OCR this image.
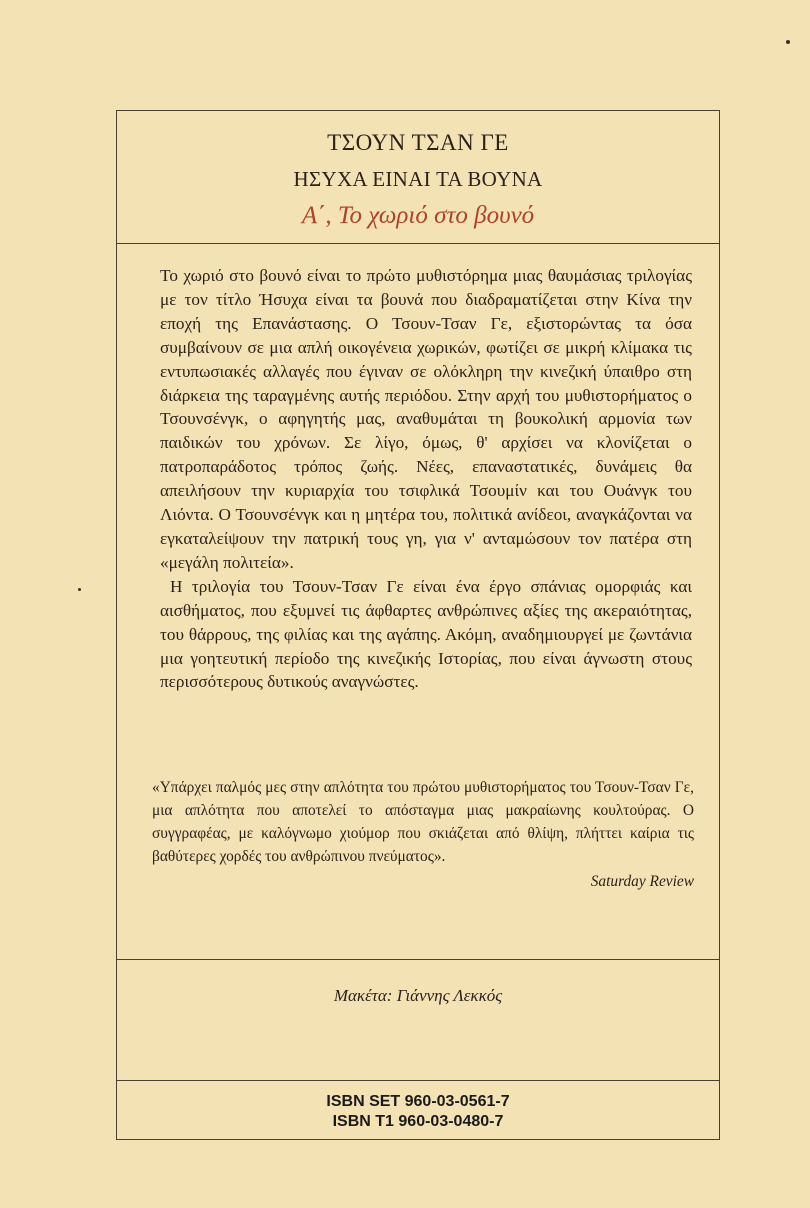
ΤΣΟΥΝ ΤΣΑΝ ΓΕ
ΗΣΥΧΑ ΕΙΝΑΙ ΤΑ ΒΟΥΝΑ
Α΄, Το χωριό στο βουνό

Το χωριό στο βουνό είναι το πρώτο μυθιστόρημα μιας θαυμάσιας τριλογίας με τον τίτλο Ήσυχα είναι τα βουνά που διαδραματίζεται στην Κίνα την εποχή της Επανάστασης. Ο Τσουν-Τσαν Γε, εξιστορώντας τα όσα συμβαίνουν σε μια απλή οικογένεια χωρικών, φωτίζει σε μικρή κλίμακα τις εντυπωσιακές αλλαγές που έγιναν σε ολόκληρη την κινεζική ύπαιθρο στη διάρκεια της ταραγμένης αυτής περιόδου. Στην αρχή του μυθιστορήματος ο Τσουνσένγκ, ο αφηγητής μας, αναθυμάται τη βουκολική αρμονία των παιδικών του χρόνων. Σε λίγο, όμως, θ' αρχίσει να κλονίζεται ο πατροπαράδοτος τρόπος ζωής. Νέες, επαναστατικές, δυνάμεις θα απειλήσουν την κυριαρχία του τσιφλικά Τσουμίν και του Ουάνγκ του Λιόντα. Ο Τσουνσένγκ και η μητέρα του, πολιτικά ανίδεοι, αναγκάζονται να εγκαταλείψουν την πατρική τους γη, για ν' ανταμώσουν τον πατέρα στη «μεγάλη πολιτεία».

Η τριλογία του Τσουν-Τσαν Γε είναι ένα έργο σπάνιας ομορφιάς και αισθήματος, που εξυμνεί τις άφθαρτες ανθρώπινες αξίες της ακεραιότητας, του θάρρους, της φιλίας και της αγάπης. Ακόμη, αναδημιουργεί με ζωντάνια μια γοητευτική περίοδο της κινεζικής Ιστορίας, που είναι άγνωστη στους περισσότερους δυτικούς αναγνώστες.

«Υπάρχει παλμός μες στην απλότητα του πρώτου μυθιστορήματος του Τσουν-Τσαν Γε, μια απλότητα που αποτελεί το απόσταγμα μιας μακραίωνης κουλτούρας. Ο συγγραφέας, με καλόγνωμο χιούμορ που σκιάζεται από θλίψη, πλήττει καίρια τις βαθύτερες χορδές του ανθρώπινου πνεύματος».

Saturday Review
Μακέτα: Γιάννης Λεκκός
ISBN SET 960-03-0561-7
ISBN T1 960-03-0480-7
